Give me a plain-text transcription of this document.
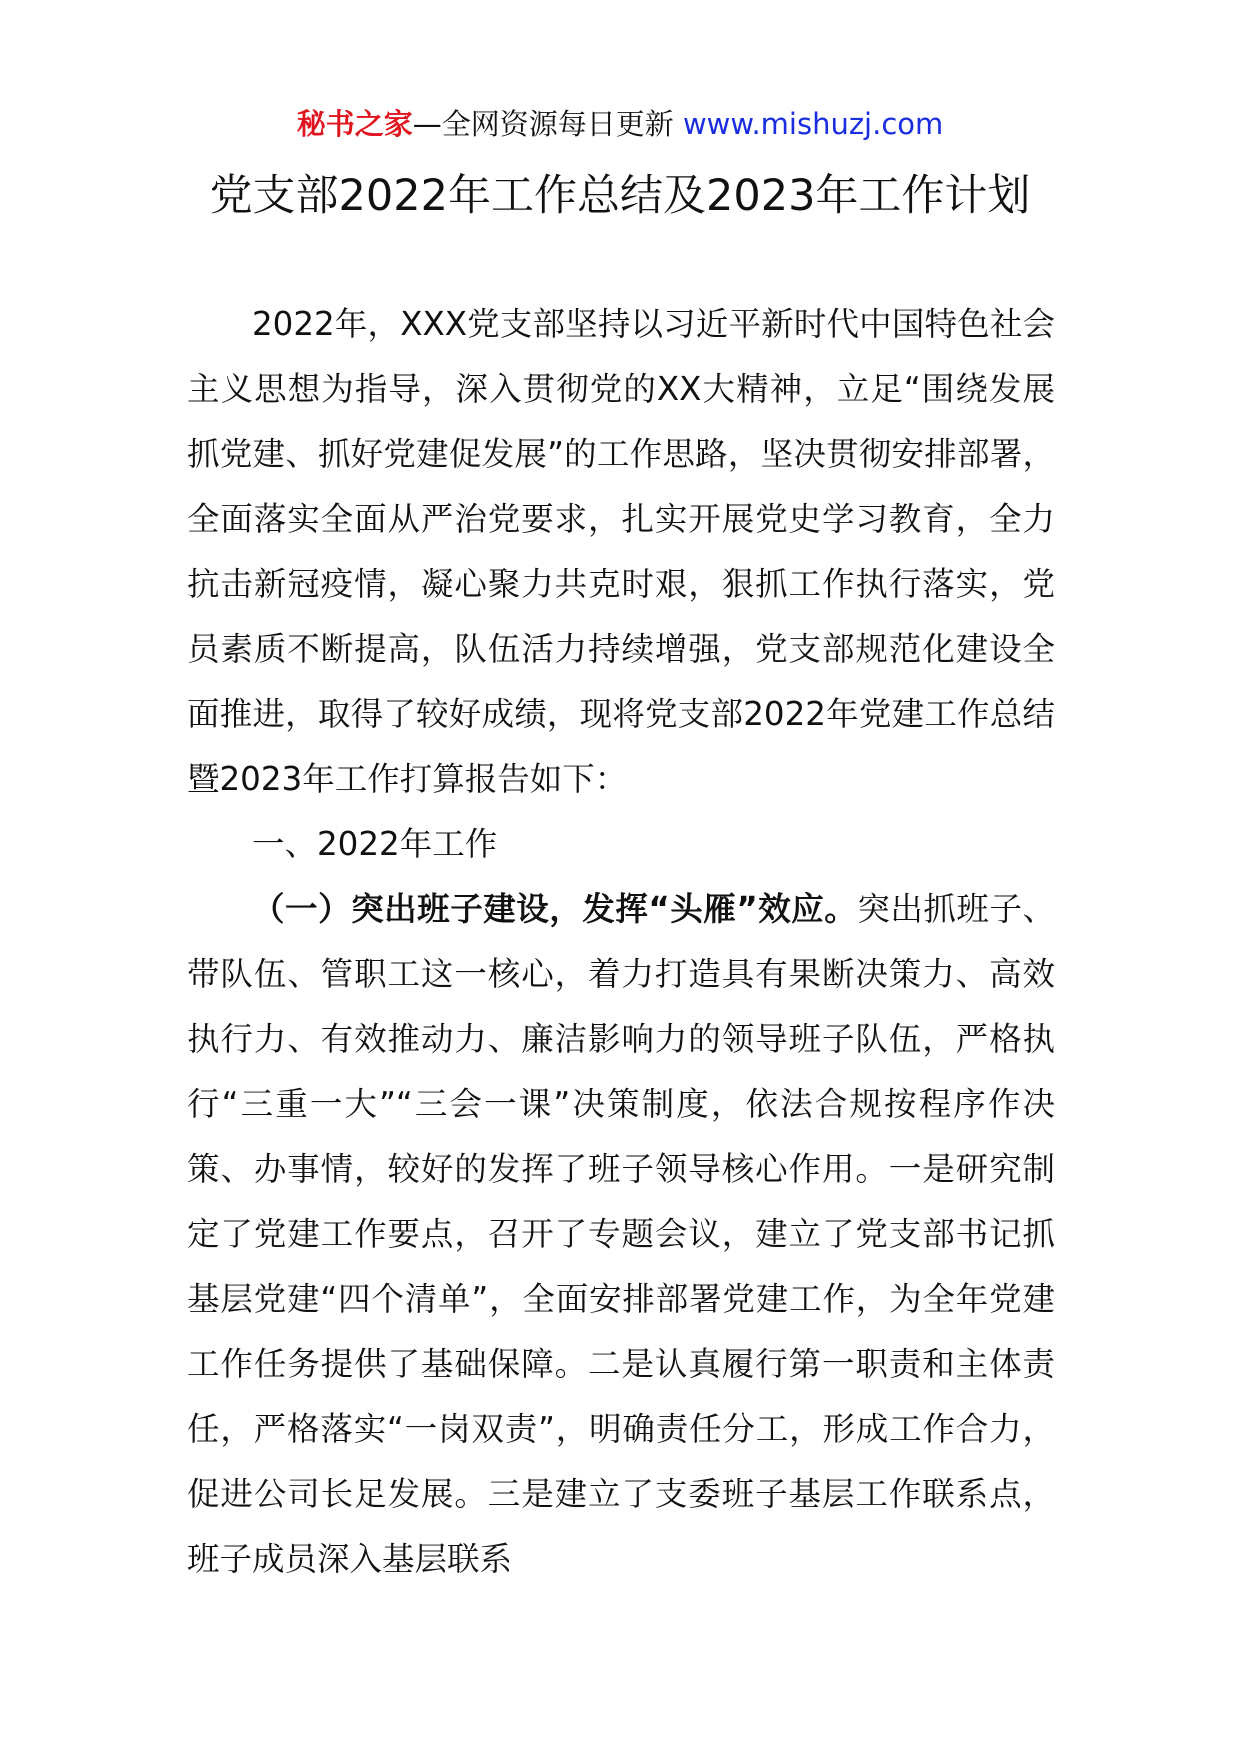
秘书之家—全网资源每日更新 www.mishuzj.com
党支部2022年工作总结及2023年工作计划

2022年，XXX党支部坚持以习近平新时代中国特色社会主义思想为指导，深入贯彻党的XX大精神，立足“围绕发展抓党建、抓好党建促发展”的工作思路，坚决贯彻安排部署，全面落实全面从严治党要求，扎实开展党史学习教育，全力抗击新冠疫情，凝心聚力共克时艰，狠抓工作执行落实，党员素质不断提高，队伍活力持续增强，党支部规范化建设全面推进，取得了较好成绩，现将党支部2022年党建工作总结暨2023年工作打算报告如下：

一、2022年工作

（一）突出班子建设，发挥“头雁”效应。突出抓班子、带队伍、管职工这一核心，着力打造具有果断决策力、高效执行力、有效推动力、廉洁影响力的领导班子队伍，严格执行“三重一大”“三会一课”决策制度，依法合规按程序作决策、办事情，较好的发挥了班子领导核心作用。一是研究制定了党建工作要点，召开了专题会议，建立了党支部书记抓基层党建“四个清单”，全面安排部署党建工作，为全年党建工作任务提供了基础保障。二是认真履行第一职责和主体责任，严格落实“一岗双责”，明确责任分工，形成工作合力，促进公司长足发展。三是建立了支委班子基层工作联系点，班子成员深入基层联系
